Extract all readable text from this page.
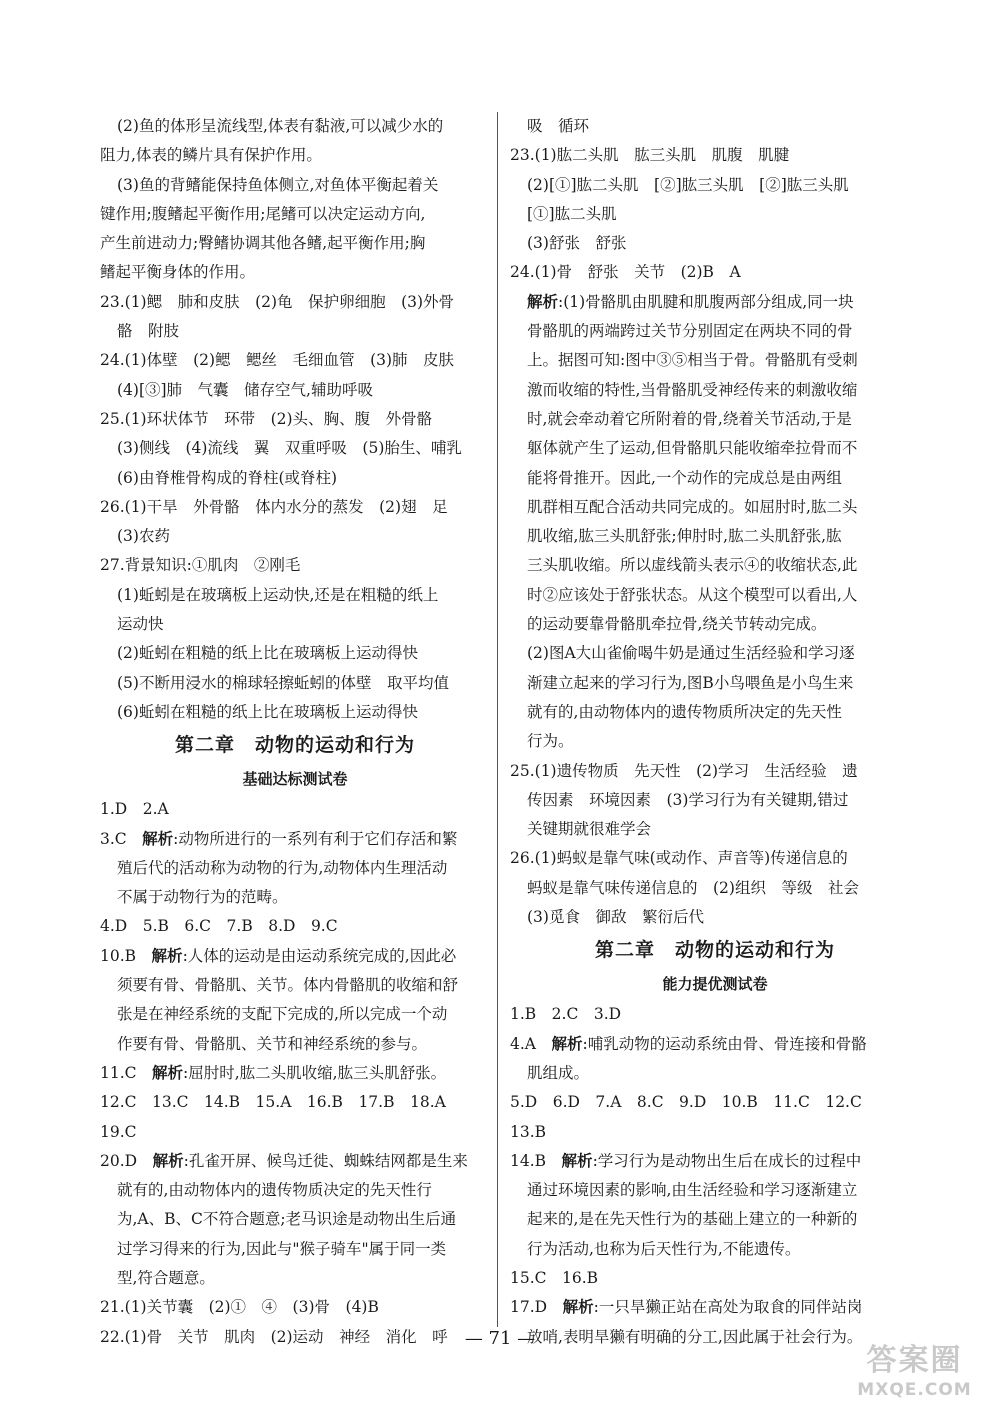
(2)鱼的体形呈流线型,体表有黏液,可以减少水的
阻力,体表的鳞片具有保护作用。
(3)鱼的背鳍能保持鱼体侧立,对鱼体平衡起着关
键作用;腹鳍起平衡作用;尾鳍可以决定运动方向,
产生前进动力;臀鳍协调其他各鳍,起平衡作用;胸
鳍起平衡身体的作用。
23.(1)鳃　肺和皮肤　(2)龟　保护卵细胞　(3)外骨
骼　附肢
24.(1)体壁　(2)鳃　鳃丝　毛细血管　(3)肺　皮肤
(4)[③]肺　气囊　储存空气,辅助呼吸
25.(1)环状体节　环带　(2)头、胸、腹　外骨骼
(3)侧线　(4)流线　翼　双重呼吸　(5)胎生、哺乳
(6)由脊椎骨构成的脊柱(或脊柱)
26.(1)干旱　外骨骼　体内水分的蒸发　(2)翅　足
(3)农药
27.背景知识:①肌肉　②刚毛
(1)蚯蚓是在玻璃板上运动快,还是在粗糙的纸上
运动快
(2)蚯蚓在粗糙的纸上比在玻璃板上运动得快
(5)不断用浸水的棉球轻擦蚯蚓的体壁　取平均值
(6)蚯蚓在粗糙的纸上比在玻璃板上运动得快
第二章　动物的运动和行为
基础达标测试卷
1.D　2.A
3.C　解析:动物所进行的一系列有利于它们存活和繁
殖后代的活动称为动物的行为,动物体内生理活动
不属于动物行为的范畴。
4.D　5.B　6.C　7.B　8.D　9.C
10.B　解析:人体的运动是由运动系统完成的,因此必
须要有骨、骨骼肌、关节。体内骨骼肌的收缩和舒
张是在神经系统的支配下完成的,所以完成一个动
作要有骨、骨骼肌、关节和神经系统的参与。
11.C　解析:屈肘时,肱二头肌收缩,肱三头肌舒张。
12.C　13.C　14.B　15.A　16.B　17.B　18.A
19.C
20.D　解析:孔雀开屏、候鸟迁徙、蜘蛛结网都是生来
就有的,由动物体内的遗传物质决定的先天性行
为,A、B、C不符合题意;老马识途是动物出生后通
过学习得来的行为,因此与"猴子骑车"属于同一类
型,符合题意。
21.(1)关节囊　(2)①　④　(3)骨　(4)B
22.(1)骨　关节　肌肉　(2)运动　神经　消化　呼
吸　循环
23.(1)肱二头肌　肱三头肌　肌腹　肌腱
(2)[①]肱二头肌　[②]肱三头肌　[②]肱三头肌
[①]肱二头肌
(3)舒张　舒张
24.(1)骨　舒张　关节　(2)B　A
解析:(1)骨骼肌由肌腱和肌腹两部分组成,同一块
骨骼肌的两端跨过关节分别固定在两块不同的骨
上。据图可知:图中③⑤相当于骨。骨骼肌有受刺
激而收缩的特性,当骨骼肌受神经传来的刺激收缩
时,就会牵动着它所附着的骨,绕着关节活动,于是
躯体就产生了运动,但骨骼肌只能收缩牵拉骨而不
能将骨推开。因此,一个动作的完成总是由两组
肌群相互配合活动共同完成的。如屈肘时,肱二头
肌收缩,肱三头肌舒张;伸肘时,肱二头肌舒张,肱
三头肌收缩。所以虚线箭头表示④的收缩状态,此
时②应该处于舒张状态。从这个模型可以看出,人
的运动要靠骨骼肌牵拉骨,绕关节转动完成。
(2)图A大山雀偷喝牛奶是通过生活经验和学习逐
渐建立起来的学习行为,图B小鸟喂鱼是小鸟生来
就有的,由动物体内的遗传物质所决定的先天性
行为。
25.(1)遗传物质　先天性　(2)学习　生活经验　遗
传因素　环境因素　(3)学习行为有关键期,错过
关键期就很难学会
26.(1)蚂蚁是靠气味(或动作、声音等)传递信息的
蚂蚁是靠气味传递信息的　(2)组织　等级　社会
(3)觅食　御敌　繁衍后代
第二章　动物的运动和行为
能力提优测试卷
1.B　2.C　3.D
4.A　解析:哺乳动物的运动系统由骨、骨连接和骨骼
肌组成。
5.D　6.D　7.A　8.C　9.D　10.B　11.C　12.C
13.B
14.B　解析:学习行为是动物出生后在成长的过程中
通过环境因素的影响,由生活经验和学习逐渐建立
起来的,是在先天性行为的基础上建立的一种新的
行为活动,也称为后天性行为,不能遗传。
15.C　16.B
17.D　解析:一只旱獭正站在高处为取食的同伴站岗
放哨,表明旱獭有明确的分工,因此属于社会行为。
— 71 —
答案圈
MXQE.COM
